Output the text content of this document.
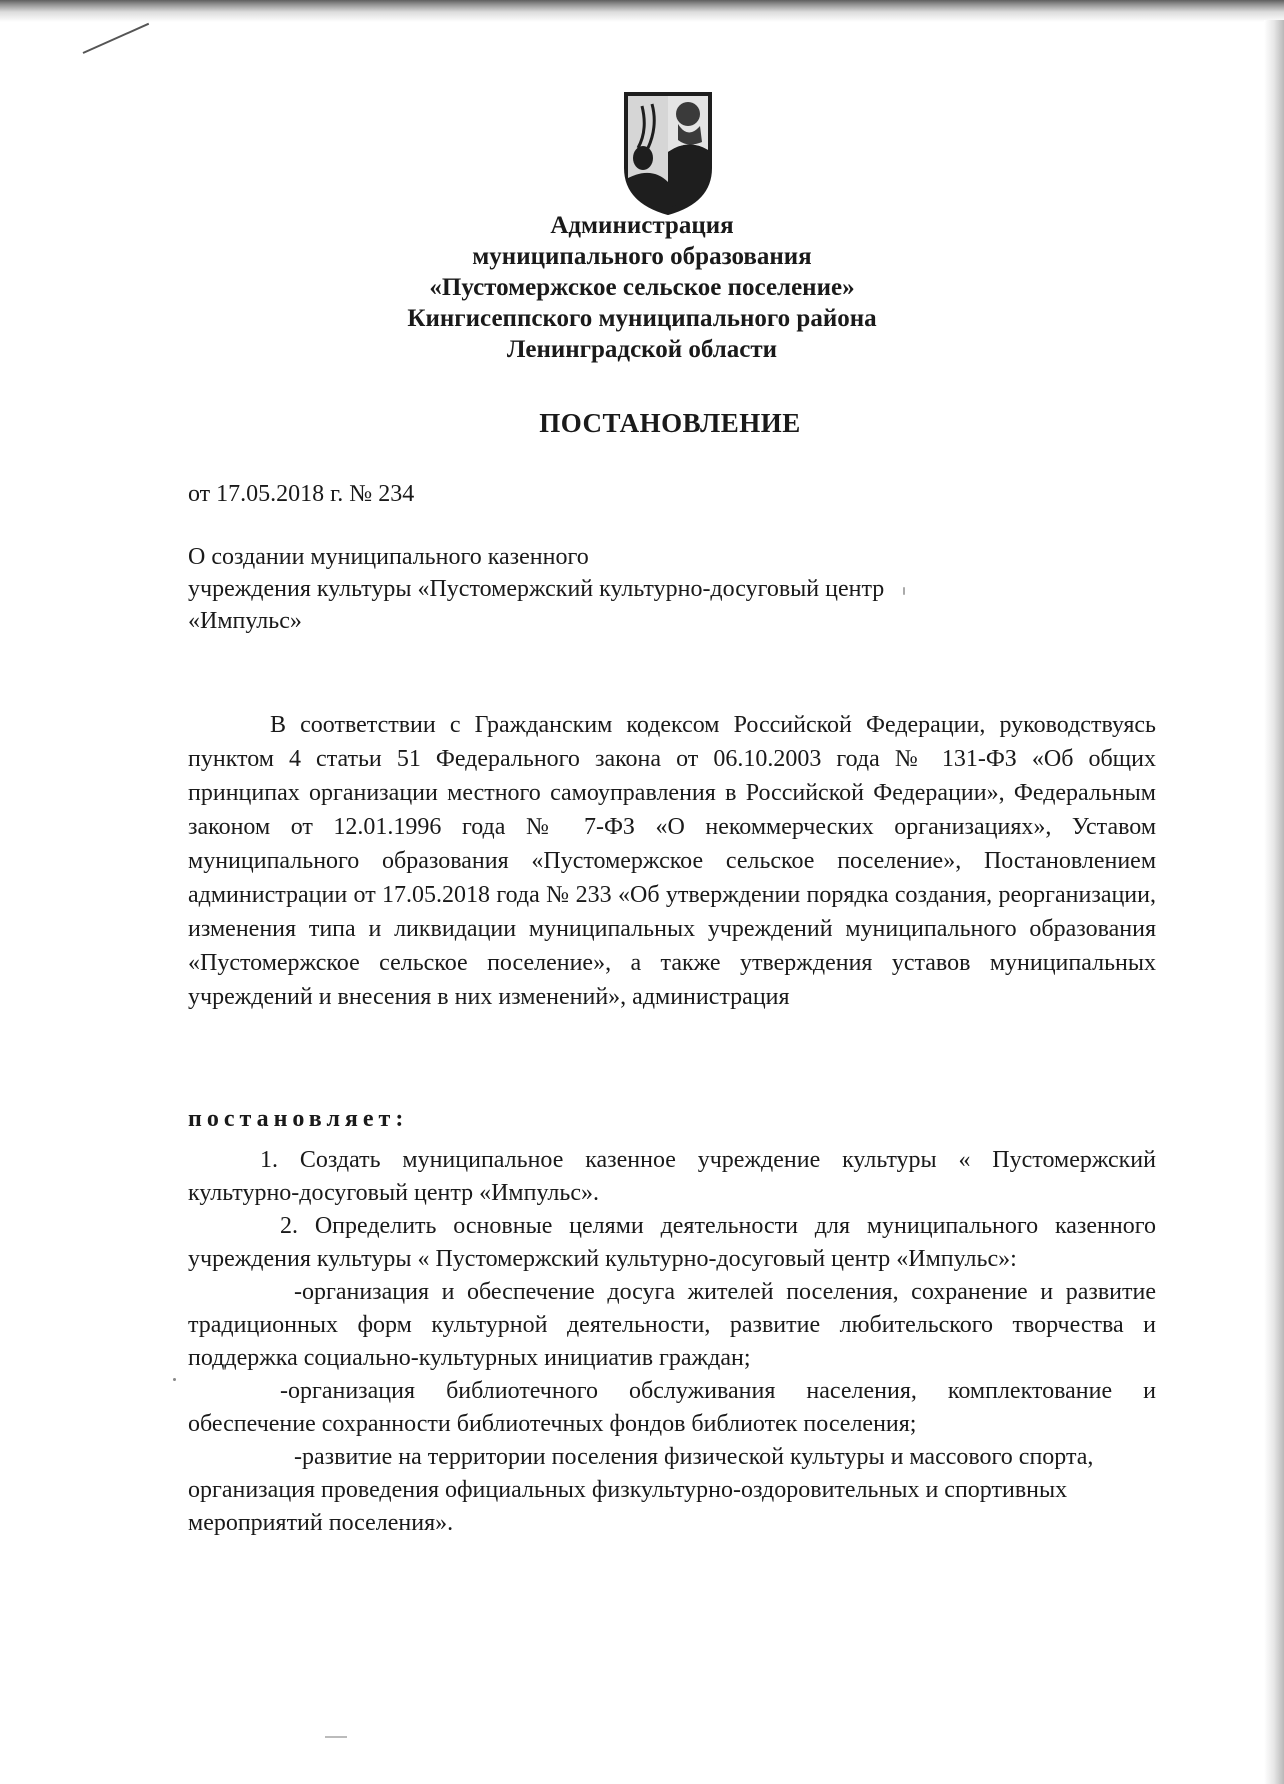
Администрация
муниципального образования
«Пустомержское сельское поселение»
Кингисеппского муниципального района
Ленинградской области
ПОСТАНОВЛЕНИЕ
от 17.05.2018 г. № 234
О создании муниципального казенного
учреждения культуры «Пустомержский культурно-досуговый центр
«Импульс»

В соответствии с Гражданским кодексом Российской Федерации, руководствуясь пунктом 4 статьи 51 Федерального закона от 06.10.2003 года № 131-ФЗ «Об общих принципах организации местного самоуправления в Российской Федерации», Федеральным законом от 12.01.1996 года № 7-ФЗ «О некоммерческих организациях», Уставом муниципального образования «Пустомержское сельское поселение», Постановлением администрации от 17.05.2018 года № 233 «Об утверждении порядка создания, реорганизации, изменения типа и ликвидации муниципальных учреждений муниципального образования «Пустомержское сельское поселение», а также утверждения уставов муниципальных учреждений и внесения в них изменений», администрация

постановляет:

1. Создать муниципальное казенное учреждение культуры « Пустомержский культурно-досуговый центр «Импульс».

2. Определить основные целями деятельности для муниципального казенного учреждения культуры « Пустомержский культурно-досуговый центр «Импульс»:

-организация и обеспечение досуга жителей поселения, сохранение и развитие традиционных форм культурной деятельности, развитие любительского творчества и поддержка социально-культурных инициатив граждан;

-организация библиотечного обслуживания населения, комплектование и обеспечение сохранности библиотечных фондов библиотек поселения;

-развитие на территории поселения физической культуры и массового спорта, организация проведения официальных физкультурно-оздоровительных и спортивных мероприятий поселения».
